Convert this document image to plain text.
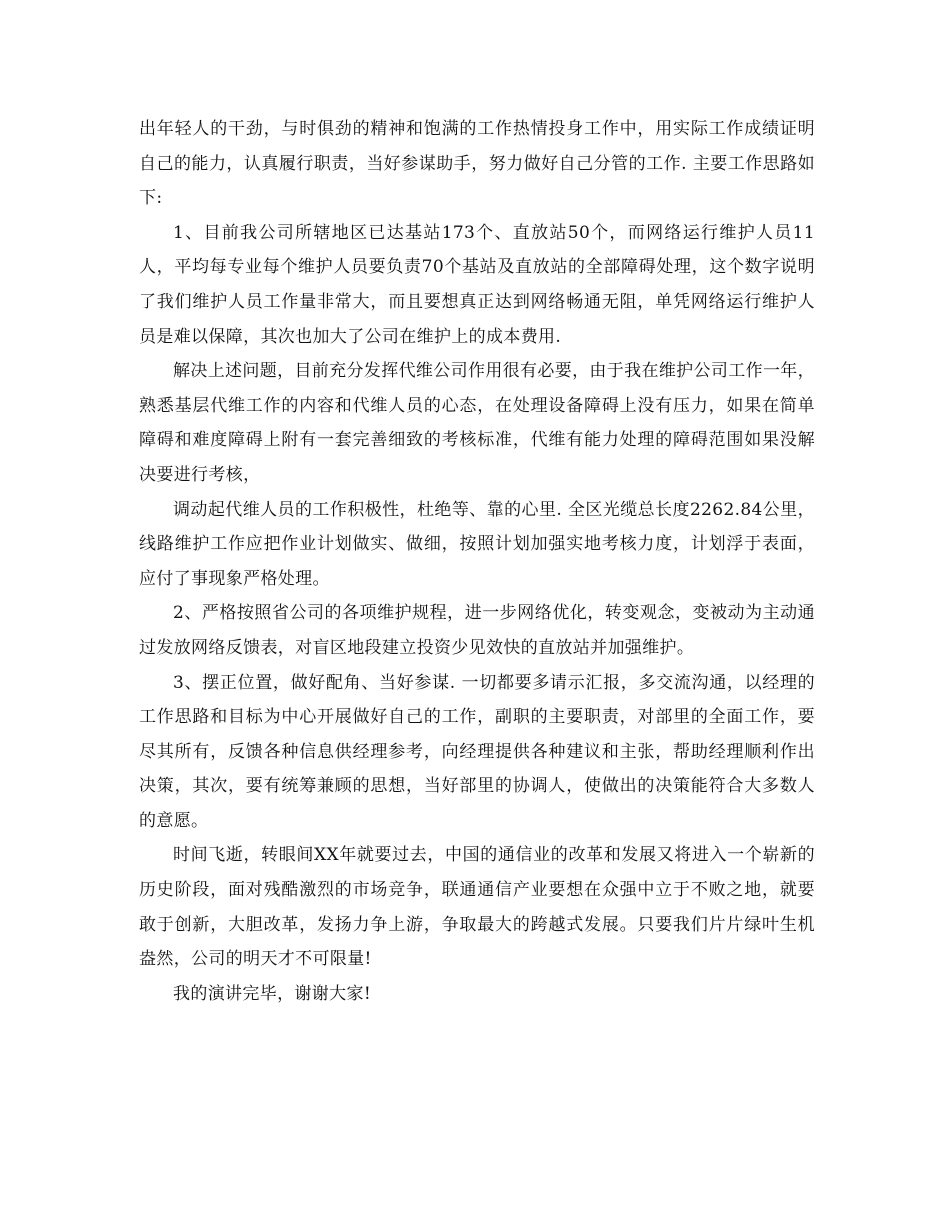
出年轻人的干劲，与时俱劲的精神和饱满的工作热情投身工作中，用实际工作成绩证明自己的能力，认真履行职责，当好参谋助手，努力做好自己分管的工作. 主要工作思路如下:

1、目前我公司所辖地区已达基站173个、直放站50个，而网络运行维护人员11人，平均每专业每个维护人员要负责70个基站及直放站的全部障碍处理，这个数字说明了我们维护人员工作量非常大，而且要想真正达到网络畅通无阻，单凭网络运行维护人员是难以保障，其次也加大了公司在维护上的成本费用.

解决上述问题，目前充分发挥代维公司作用很有必要，由于我在维护公司工作一年，熟悉基层代维工作的内容和代维人员的心态，在处理设备障碍上没有压力，如果在简单障碍和难度障碍上附有一套完善细致的考核标准，代维有能力处理的障碍范围如果没解决要进行考核，

调动起代维人员的工作积极性，杜绝等、靠的心里. 全区光缆总长度2262.84公里，线路维护工作应把作业计划做实、做细，按照计划加强实地考核力度，计划浮于表面，应付了事现象严格处理。

2、严格按照省公司的各项维护规程，进一步网络优化，转变观念，变被动为主动通过发放网络反馈表，对盲区地段建立投资少见效快的直放站并加强维护。

3、摆正位置，做好配角、当好参谋. 一切都要多请示汇报，多交流沟通，以经理的工作思路和目标为中心开展做好自己的工作，副职的主要职责，对部里的全面工作，要尽其所有，反馈各种信息供经理参考，向经理提供各种建议和主张，帮助经理顺利作出决策，其次，要有统筹兼顾的思想，当好部里的协调人，使做出的决策能符合大多数人的意愿。

时间飞逝，转眼间XX年就要过去，中国的通信业的改革和发展又将进入一个崭新的历史阶段，面对残酷激烈的市场竞争，联通通信产业要想在众强中立于不败之地，就要敢于创新，大胆改革，发扬力争上游，争取最大的跨越式发展。只要我们片片绿叶生机盎然，公司的明天才不可限量!

我的演讲完毕，谢谢大家!
